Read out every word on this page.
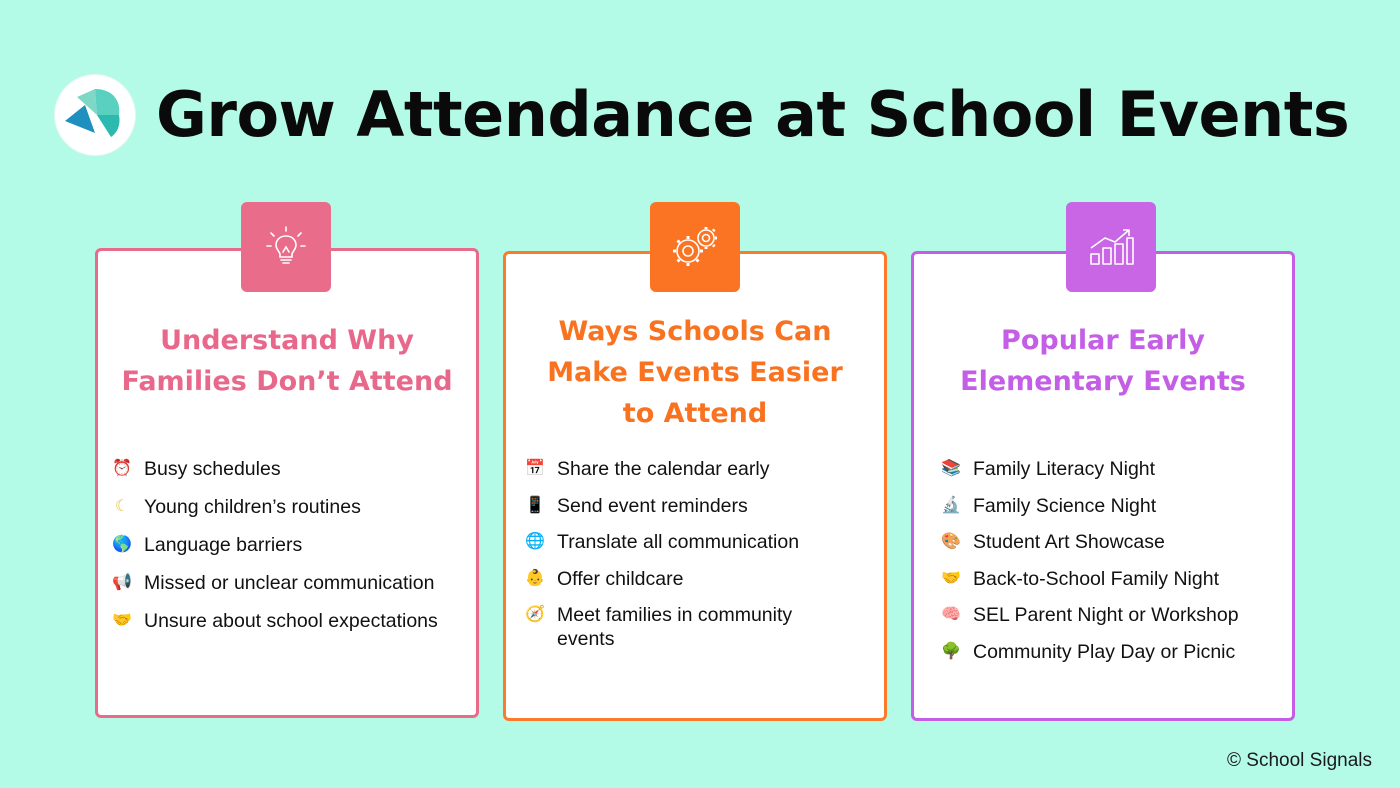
Grow Attendance at School Events
Understand Why
Families Don’t Attend
⏰ Busy schedules
☾ Young children’s routines
🌎 Language barriers
📢 Missed or unclear communication
🤝 Unsure about school expectations
Ways Schools Can
Make Events Easier
to Attend
📅 Share the calendar early
📱 Send event reminders
🌐 Translate all communication
👶 Offer childcare
🧭 Meet families in community
events
Popular Early
Elementary Events
📚 Family Literacy Night
🔬 Family Science Night
🎨 Student Art Showcase
🤝 Back-to-School Family Night
🧠 SEL Parent Night or Workshop
🌳 Community Play Day or Picnic
© School Signals
